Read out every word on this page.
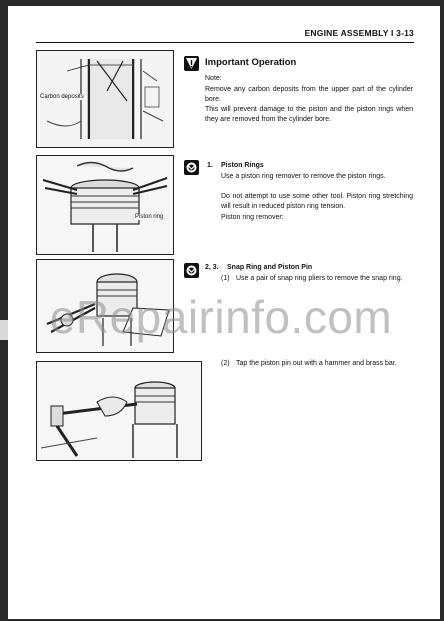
ENGINE ASSEMBLY I 3-13
Carbon deposits
Important Operation
Note:
Remove any carbon deposits from the upper part of the cylinder bore.
This will prevent damage to the piston and the piston rings when they are removed from the cylinder bore.
Piston ring
1. Piston Rings
Use a piston ring remover to remove the piston rings.
Do not attempt to use some other tool. Piston ring stretching will result in reduced piston ring tension.
Piston ring remover:
2, 3. Snap Ring and Piston Pin
(1) Use a pair of snap ring pliers to remove the snap ring.
(2) Tap the piston pin out with a hammer and brass bar.
eRepairinfo.com
